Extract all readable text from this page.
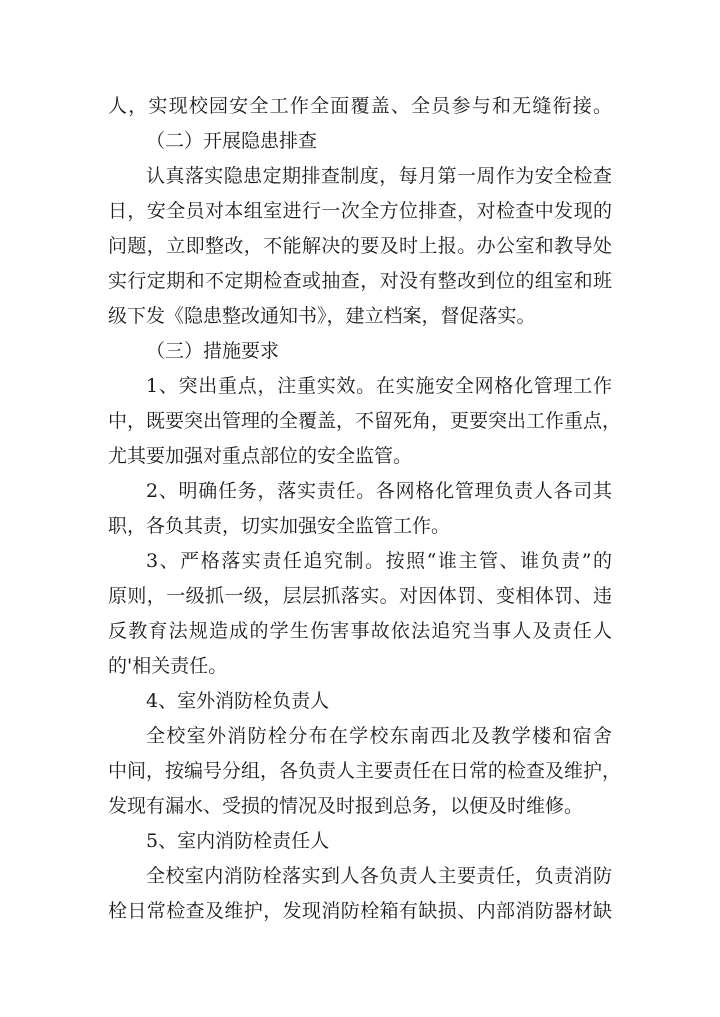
人，实现校园安全工作全面覆盖、全员参与和无缝衔接。

（二）开展隐患排查

认真落实隐患定期排查制度，每月第一周作为安全检查

日，安全员对本组室进行一次全方位排查，对检查中发现的

问题，立即整改，不能解决的要及时上报。办公室和教导处

实行定期和不定期检查或抽查，对没有整改到位的组室和班

级下发《隐患整改通知书》，建立档案，督促落实。

（三）措施要求

1、突出重点，注重实效。在实施安全网格化管理工作

中，既要突出管理的全覆盖，不留死角，更要突出工作重点，

尤其要加强对重点部位的安全监管。

2、明确任务，落实责任。各网格化管理负责人各司其

职，各负其责，切实加强安全监管工作。

3、严格落实责任追究制。按照“谁主管、谁负责”的

原则，一级抓一级，层层抓落实。对因体罚、变相体罚、违

反教育法规造成的学生伤害事故依法追究当事人及责任人

的'相关责任。

4、室外消防栓负责人

全校室外消防栓分布在学校东南西北及教学楼和宿舍

中间，按编号分组，各负责人主要责任在日常的检查及维护，

发现有漏水、受损的情况及时报到总务，以便及时维修。

5、室内消防栓责任人

全校室内消防栓落实到人各负责人主要责任，负责消防

栓日常检查及维护，发现消防栓箱有缺损、内部消防器材缺
